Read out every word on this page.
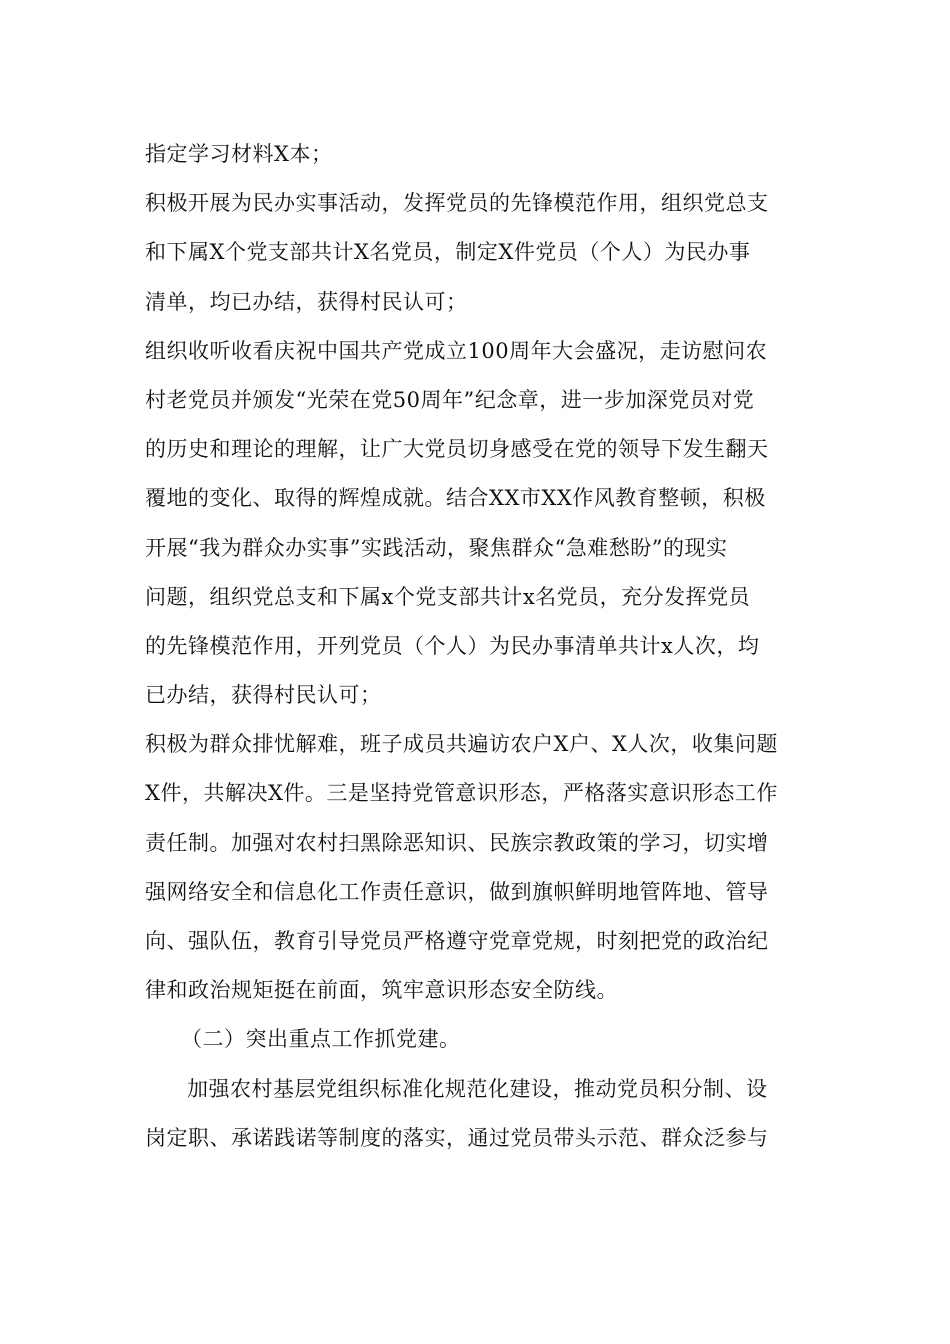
指定学习材料X本；
积极开展为民办实事活动，发挥党员的先锋模范作用，组织党总支
和下属X个党支部共计X名党员，制定X件党员（个人）为民办事
清单，均已办结，获得村民认可；
组织收听收看庆祝中国共产党成立100周年大会盛况，走访慰问农
村老党员并颁发“光荣在党50周年”纪念章，进一步加深党员对党
的历史和理论的理解，让广大党员切身感受在党的领导下发生翻天
覆地的变化、取得的辉煌成就。结合XX市XX作风教育整顿，积极
开展“我为群众办实事”实践活动，聚焦群众“急难愁盼”的现实
问题，组织党总支和下属x个党支部共计x名党员，充分发挥党员
的先锋模范作用，开列党员（个人）为民办事清单共计x人次，均
已办结，获得村民认可；
积极为群众排忧解难，班子成员共遍访农户X户、X人次，收集问题
X件，共解决X件。三是坚持党管意识形态，严格落实意识形态工作
责任制。加强对农村扫黑除恶知识、民族宗教政策的学习，切实增
强网络安全和信息化工作责任意识，做到旗帜鲜明地管阵地、管导
向、强队伍，教育引导党员严格遵守党章党规，时刻把党的政治纪
律和政治规矩挺在前面，筑牢意识形态安全防线。
（二）突出重点工作抓党建。
加强农村基层党组织标准化规范化建设，推动党员积分制、设
岗定职、承诺践诺等制度的落实，通过党员带头示范、群众泛参与
